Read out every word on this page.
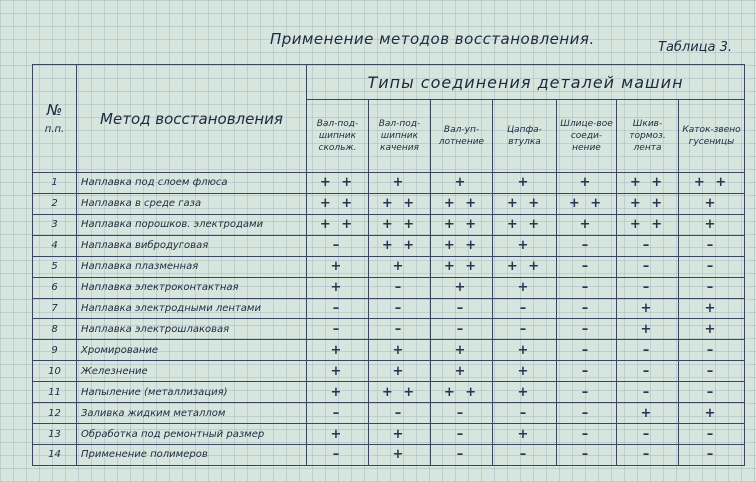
Применение методов восстановления.	Таблица 3.
№
п.п.	Метод восстановления	Типы соединения деталей машин						
		Вал-под-шипник скольж.	Вал-под-шипник качения	Вал-уп-лотнение	Цапфа-втулка	Шлице-вое соеди-нение	Шкив-тормоз. лента	Каток-звено гусеницы
1	Наплавка под слоем флюса	+ +	+	+	+	+	+ +	+ +
2	Наплавка в среде газа	+ +	+ +	+ +	+ +	+ +	+ +	+
3	Наплавка порошков. электродами	+ +	+ +	+ +	+ +	+	+ +	+
4	Наплавка вибродуговая	–	+ +	+ +	+	–	–	–
5	Наплавка плазменная	+	+	+ +	+ +	–	–	–
6	Наплавка электроконтактная	+	–	+	+	–	–	–
7	Наплавка электродными лентами	–	–	–	–	–	+	+
8	Наплавка электрошлаковая	–	–	–	–	–	+	+
9	Хромирование	+	+	+	+	–	–	–
10	Железнение	+	+	+	+	–	–	–
11	Напыление (металлизация)	+	+ +	+ +	+	–	–	–
12	Заливка жидким металлом	–	–	–	–	–	+	+
13	Обработка под ремонтный размер	+	+	–	+	–	–	–
14	Применение полимеров	–	+	–	–	–	–	–
